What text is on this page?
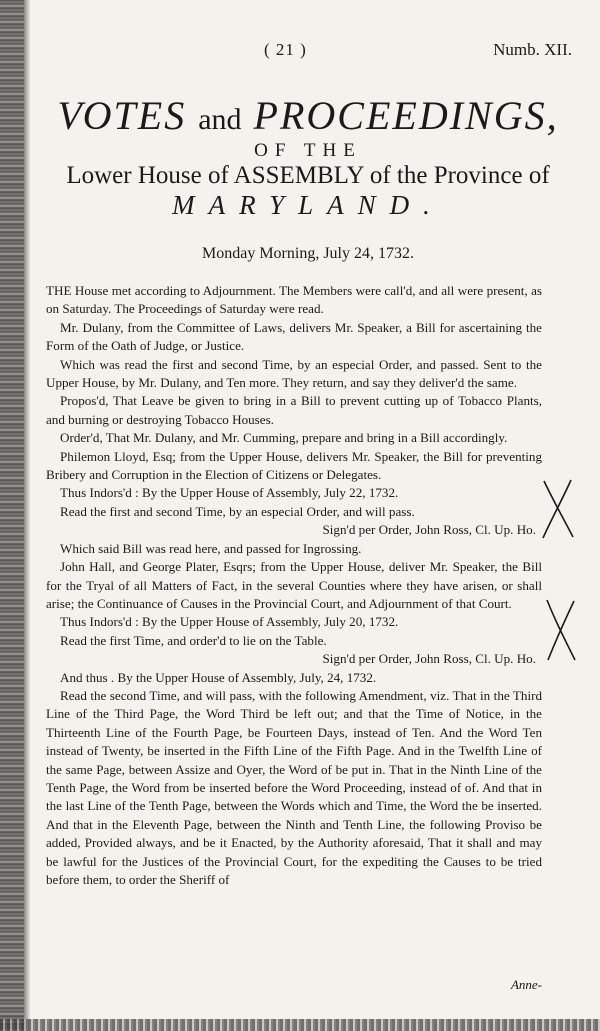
( 21 )	Numb. XII.
VOTES and PROCEEDINGS,
OF THE
Lower House of ASSEMBLY of the Province of
MARYLAND.
Monday Morning, July 24, 1732.

THE House met according to Adjournment. The Members were call'd, and all were present, as on Saturday. The Proceedings of Saturday were read.

Mr. Dulany, from the Committee of Laws, delivers Mr. Speaker, a Bill for ascertaining the Form of the Oath of Judge, or Justice.

Which was read the first and second Time, by an especial Order, and passed. Sent to the Upper House, by Mr. Dulany, and Ten more. They return, and say they deliver'd the same.

Propos'd, That Leave be given to bring in a Bill to prevent cutting up of Tobacco Plants, and burning or destroying Tobacco Houses.

Order'd, That Mr. Dulany, and Mr. Cumming, prepare and bring in a Bill accordingly.

Philemon Lloyd, Esq; from the Upper House, delivers Mr. Speaker, the Bill for preventing Bribery and Corruption in the Election of Citizens or Delegates.

Thus Indors'd : By the Upper House of Assembly, July 22, 1732.

Read the first and second Time, by an especial Order, and will pass.

Sign'd per Order, John Ross, Cl. Up. Ho.

Which said Bill was read here, and passed for Ingrossing.

John Hall, and George Plater, Esqrs; from the Upper House, deliver Mr. Speaker, the Bill for the Tryal of all Matters of Fact, in the several Counties where they have arisen, or shall arise; the Continuance of Causes in the Provincial Court, and Adjournment of that Court.

Thus Indors'd : By the Upper House of Assembly, July 20, 1732.

Read the first Time, and order'd to lie on the Table.

Sign'd per Order, John Ross, Cl. Up. Ho.

And thus . By the Upper House of Assembly, July, 24, 1732.

Read the second Time, and will pass, with the following Amendment, viz. That in the Third Line of the Third Page, the Word Third be left out; and that the Time of Notice, in the Thirteenth Line of the Fourth Page, be Fourteen Days, instead of Ten. And the Word Ten instead of Twenty, be inserted in the Fifth Line of the Fifth Page. And in the Twelfth Line of the same Page, between Assize and Oyer, the Word of be put in. That in the Ninth Line of the Tenth Page, the Word from be inserted before the Word Proceeding, instead of of. And that in the last Line of the Tenth Page, between the Words which and Time, the Word the be inserted. And that in the Eleventh Page, between the Ninth and Tenth Line, the following Proviso be added, Provided always, and be it Enacted, by the Authority aforesaid, That it shall and may be lawful for the Justices of the Provincial Court, for the expediting the Causes to be tried before them, to order the Sheriff of

Anne-
